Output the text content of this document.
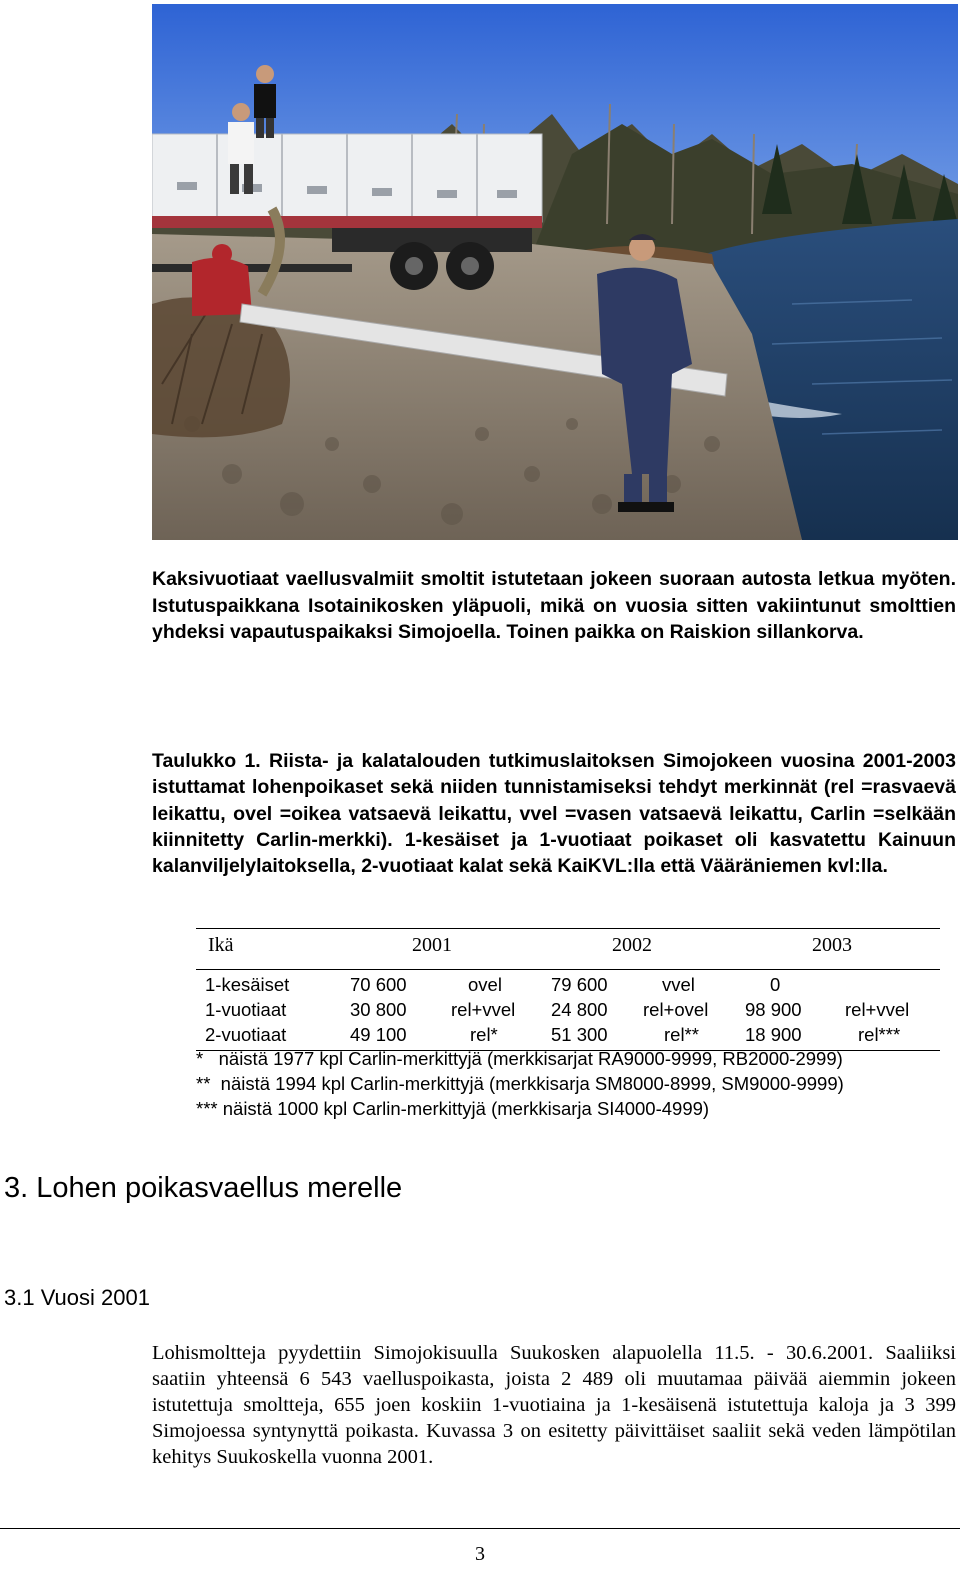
Kaksivuotiaat vaellusvalmiit smoltit istutetaan jokeen suoraan autosta letkua myöten. Istutuspaikkana Isotainikosken yläpuoli, mikä on vuosia sitten vakiintunut smolttien yhdeksi vapautuspaikaksi Simojoella. Toinen paikka on Raiskion sillankorva.
Taulukko 1. Riista- ja kalatalouden tutkimuslaitoksen Simojokeen vuosina 2001-2003 istuttamat lohenpoikaset sekä niiden tunnistamiseksi tehdyt merkinnät (rel =rasvaevä leikattu, ovel =oikea vatsaevä leikattu, vvel =vasen vatsaevä leikattu, Carlin =selkään kiinnitetty Carlin-merkki). 1-kesäiset ja 1-vuotiaat poikaset oli kasvatettu Kainuun kalanviljelylaitoksella, 2-vuotiaat kalat sekä KaiKVL:lla että Vääräniemen kvl:lla.
Ikä	2001	2002	2003
1-kesäiset	70 600	ovel	79 600	vvel	0
1-vuotiaat	30 800 rel+vvel 24 800 rel+ovel 98 900 rel+vvel
2-vuotiaat	49 100	rel*	51 300	rel** 18 900	rel***
*   näistä 1977 kpl Carlin-merkittyjä (merkkisarjat RA9000-9999, RB2000-2999)
**  näistä 1994 kpl Carlin-merkittyjä (merkkisarja SM8000-8999, SM9000-9999)
*** näistä 1000 kpl Carlin-merkittyjä (merkkisarja SI4000-4999)
3. Lohen poikasvaellus merelle
3.1 Vuosi 2001
Lohismoltteja pyydettiin Simojokisuulla Suukosken alapuolella 11.5. - 30.6.2001. Saaliiksi saatiin yhteensä 6 543 vaelluspoikasta, joista 2 489 oli muutamaa päivää aiemmin jokeen istutettuja smoltteja, 655 joen koskiin 1-vuotiaina ja 1-kesäisenä istutettuja kaloja ja 3 399 Simojoessa syntynyttä poikasta. Kuvassa 3 on esitetty päivittäiset saaliit sekä veden lämpötilan kehitys Suukoskella vuonna 2001.
3
